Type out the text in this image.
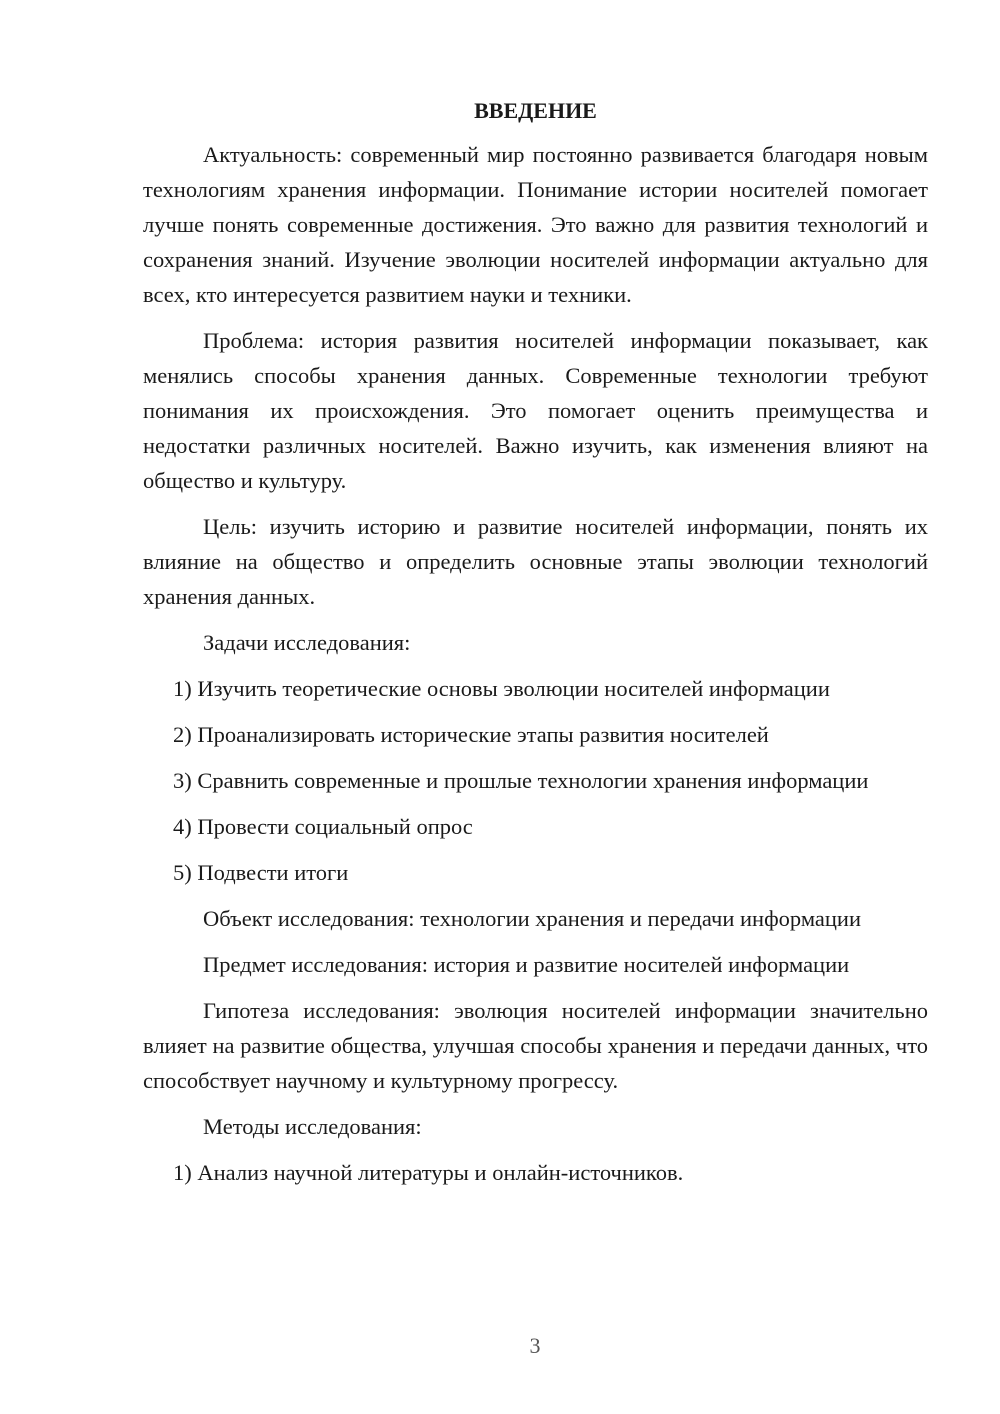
ВВЕДЕНИЕ
Актуальность: современный мир постоянно развивается благодаря новым технологиям хранения информации. Понимание истории носителей помогает лучше понять современные достижения. Это важно для развития технологий и сохранения знаний. Изучение эволюции носителей информации актуально для всех, кто интересуется развитием науки и техники.
Проблема: история развития носителей информации показывает, как менялись способы хранения данных. Современные технологии требуют понимания их происхождения. Это помогает оценить преимущества и недостатки различных носителей. Важно изучить, как изменения влияют на общество и культуру.
Цель: изучить историю и развитие носителей информации, понять их влияние на общество и определить основные этапы эволюции технологий хранения данных.
Задачи исследования:
1) Изучить теоретические основы эволюции носителей информации
2) Проанализировать исторические этапы развития носителей
3) Сравнить современные и прошлые технологии хранения информации
4) Провести социальный опрос
5) Подвести итоги
Объект исследования: технологии хранения и передачи информации
Предмет исследования: история и развитие носителей информации
Гипотеза исследования: эволюция носителей информации значительно влияет на развитие общества, улучшая способы хранения и передачи данных, что способствует научному и культурному прогрессу.
Методы исследования:
1) Анализ научной литературы и онлайн-источников.
3
